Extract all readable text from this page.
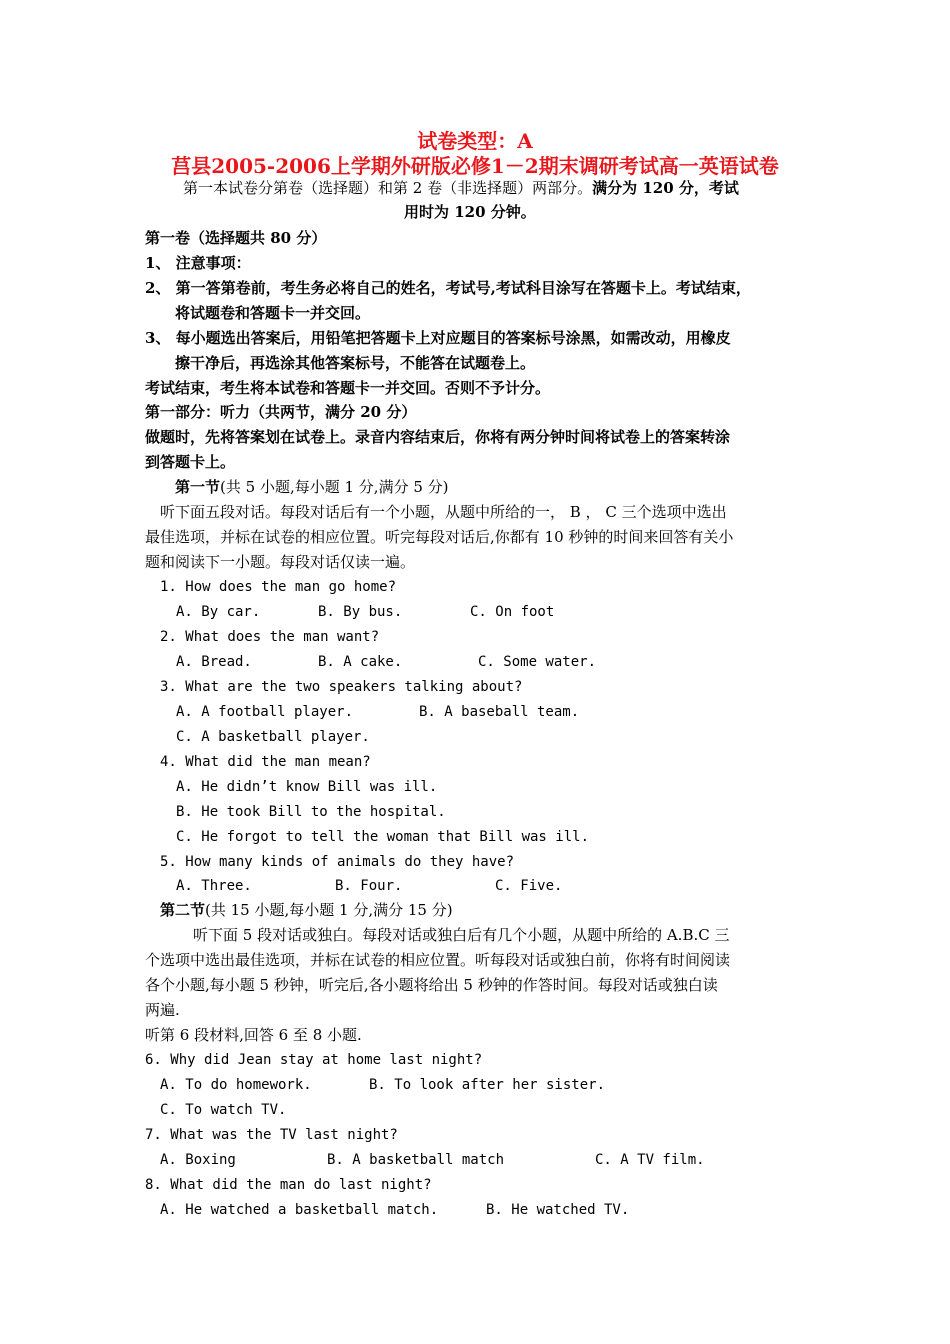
试卷类型：A
莒县2005-2006上学期外研版必修1－2期末调研考试高一英语试卷
第一本试卷分第卷（选择题）和第 2 卷（非选择题）两部分。满分为 120 分，考试
用时为 120 分钟。
第一卷（选择题共 80 分）
1、 注意事项：
2、 第一答第卷前，考生务必将自己的姓名，考试号,考试科目涂写在答题卡上。考试结束，
将试题卷和答题卡一并交回。
3、 每小题选出答案后，用铅笔把答题卡上对应题目的答案标号涂黑，如需改动，用橡皮
擦干净后，再选涂其他答案标号，不能答在试题卷上。
考试结束，考生将本试卷和答题卡一并交回。否则不予计分。
第一部分：听力（共两节，满分 20 分）
做题时，先将答案划在试卷上。录音内容结束后，你将有两分钟时间将试卷上的答案转涂
到答题卡上。
第一节(共 5 小题,每小题 1 分,满分 5 分)
听下面五段对话。每段对话后有一个小题，从题中所给的一， B ， C 三个选项中选出
最佳选项，并标在试卷的相应位置。听完每段对话后,你都有 10 秒钟的时间来回答有关小
题和阅读下一小题。每段对话仅读一遍。
1. How does the man go home?
A. By car.	B. By bus.	C. On foot
2. What does the man want?
A. Bread.	B. A cake.	C. Some water.
3. What are the two speakers talking about?
A. A football player.	B. A baseball team.
C. A basketball player.
4. What did the man mean?
A. He didn’t know Bill was ill.
B. He took Bill to the hospital.
C. He forgot to tell the woman that Bill was ill.
5. How many kinds of animals do they have?
A. Three.	B. Four.	C. Five.
第二节(共 15 小题,每小题 1 分,满分 15 分)
听下面 5 段对话或独白。每段对话或独白后有几个小题，从题中所给的 A.B.C 三
个选项中选出最佳选项，并标在试卷的相应位置。听每段对话或独白前，你将有时间阅读
各个小题,每小题 5 秒钟，听完后,各小题将给出 5 秒钟的作答时间。每段对话或独白读
两遍.
听第 6 段材料,回答 6 至 8 小题.
6. Why did Jean stay at home last night?
A. To do homework.	B. To look after her sister.
C. To watch TV.
7. What was the TV last night?
A. Boxing	B. A basketball match	C. A TV film.
8. What did the man do last night?
A. He watched a basketball match.	B. He watched TV.
